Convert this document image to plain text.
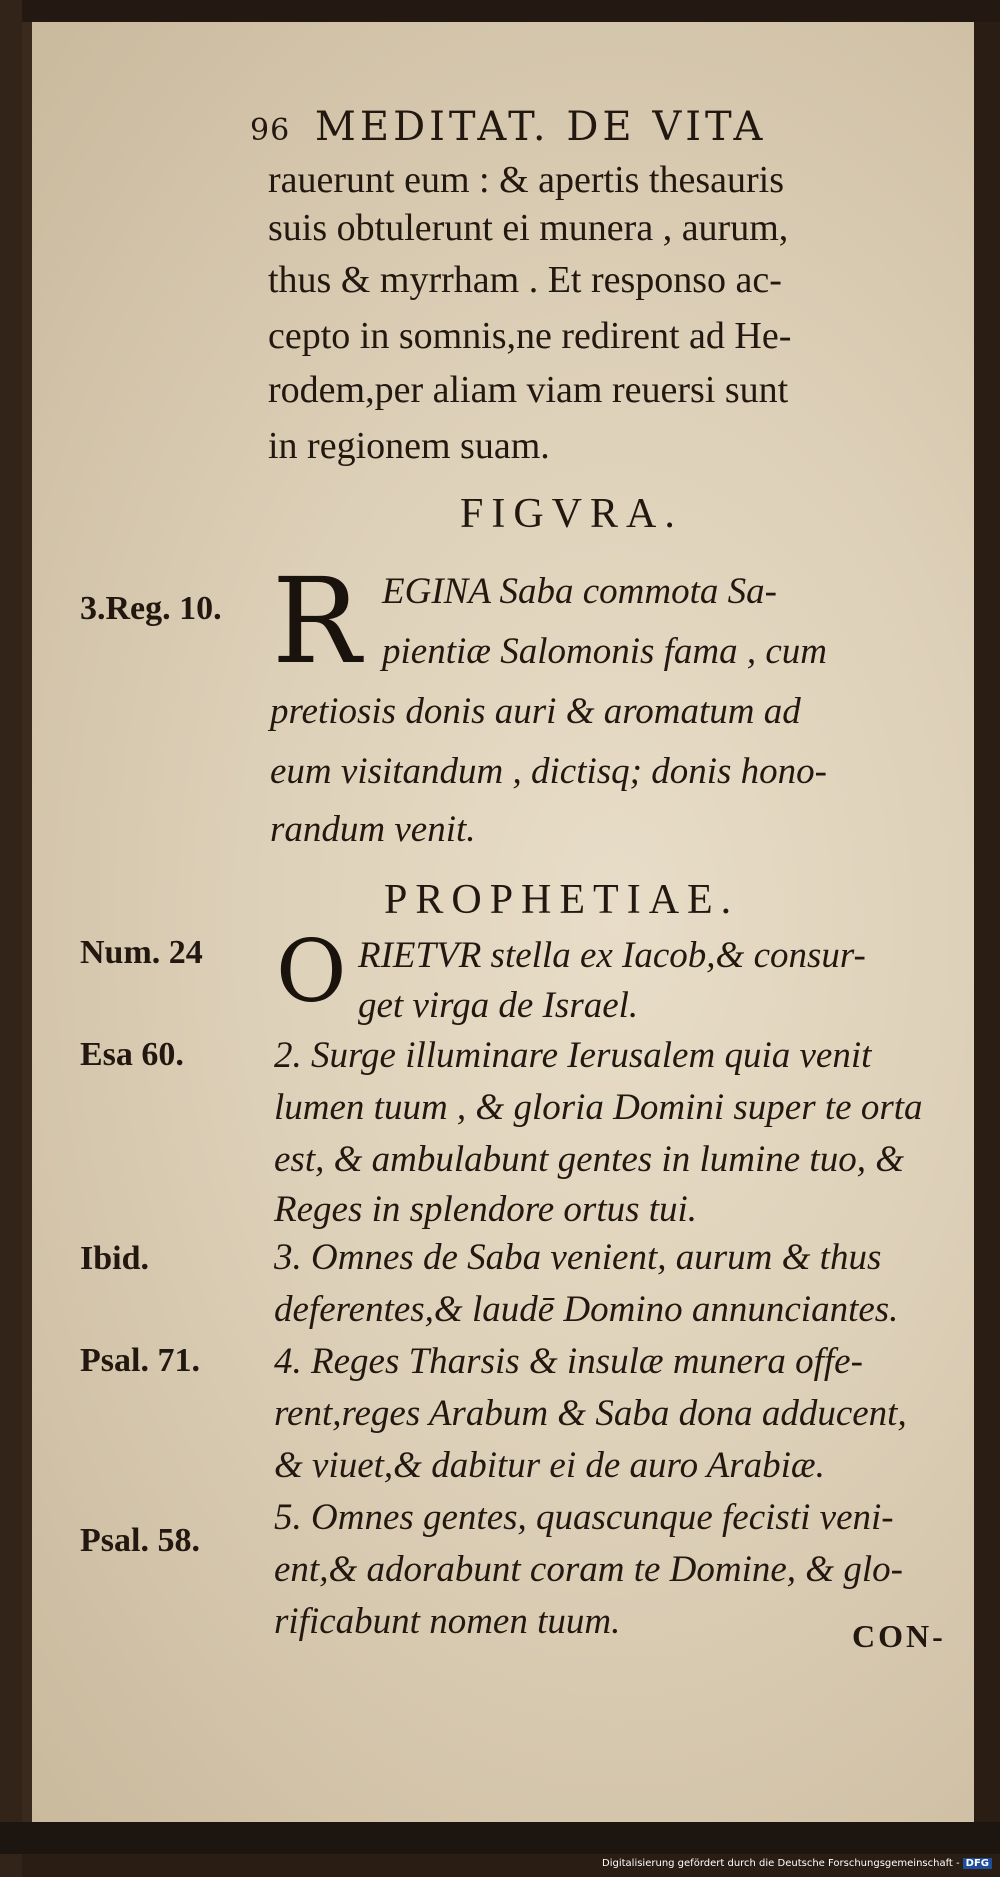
96 MEDITAT. DE VITA
rauerunt eum : & apertis thesauris
suis obtulerunt ei munera , aurum,
thus & myrrham . Et responso ac-
cepto in somnis,ne redirent ad He-
rodem,per aliam viam reuersi sunt
in regionem suam.
FIGVRA.
3.Reg. 10. R EGINA Saba commota Sa-
pientiæ Salomonis fama , cum
pretiosis donis auri & aromatum ad
eum visitandum , dictisq; donis hono-
randum venit.
PROPHETIAE.
Num. 24 O RIETVR stella ex Iacob,& consur-
get virga de Israel.
Esa 60. 2. Surge illuminare Ierusalem quia venit
lumen tuum , & gloria Domini super te orta
est, & ambulabunt gentes in lumine tuo, &
Reges in splendore ortus tui.
Ibid.	3. Omnes de Saba venient, aurum & thus
deferentes,& laudē Domino annunciantes.
Psal. 71. 4. Reges Tharsis & insulæ munera offe-
rent,reges Arabum & Saba dona adducent,
& viuet,& dabitur ei de auro Arabiæ.
Psal. 58.
5. Omnes gentes, quascunque fecisti veni-
ent,& adorabunt coram te Domine, & glo-
rificabunt nomen tuum.	CON-
Digitalisierung gefördert durch die Deutsche Forschungsgemeinschaft - DFG
